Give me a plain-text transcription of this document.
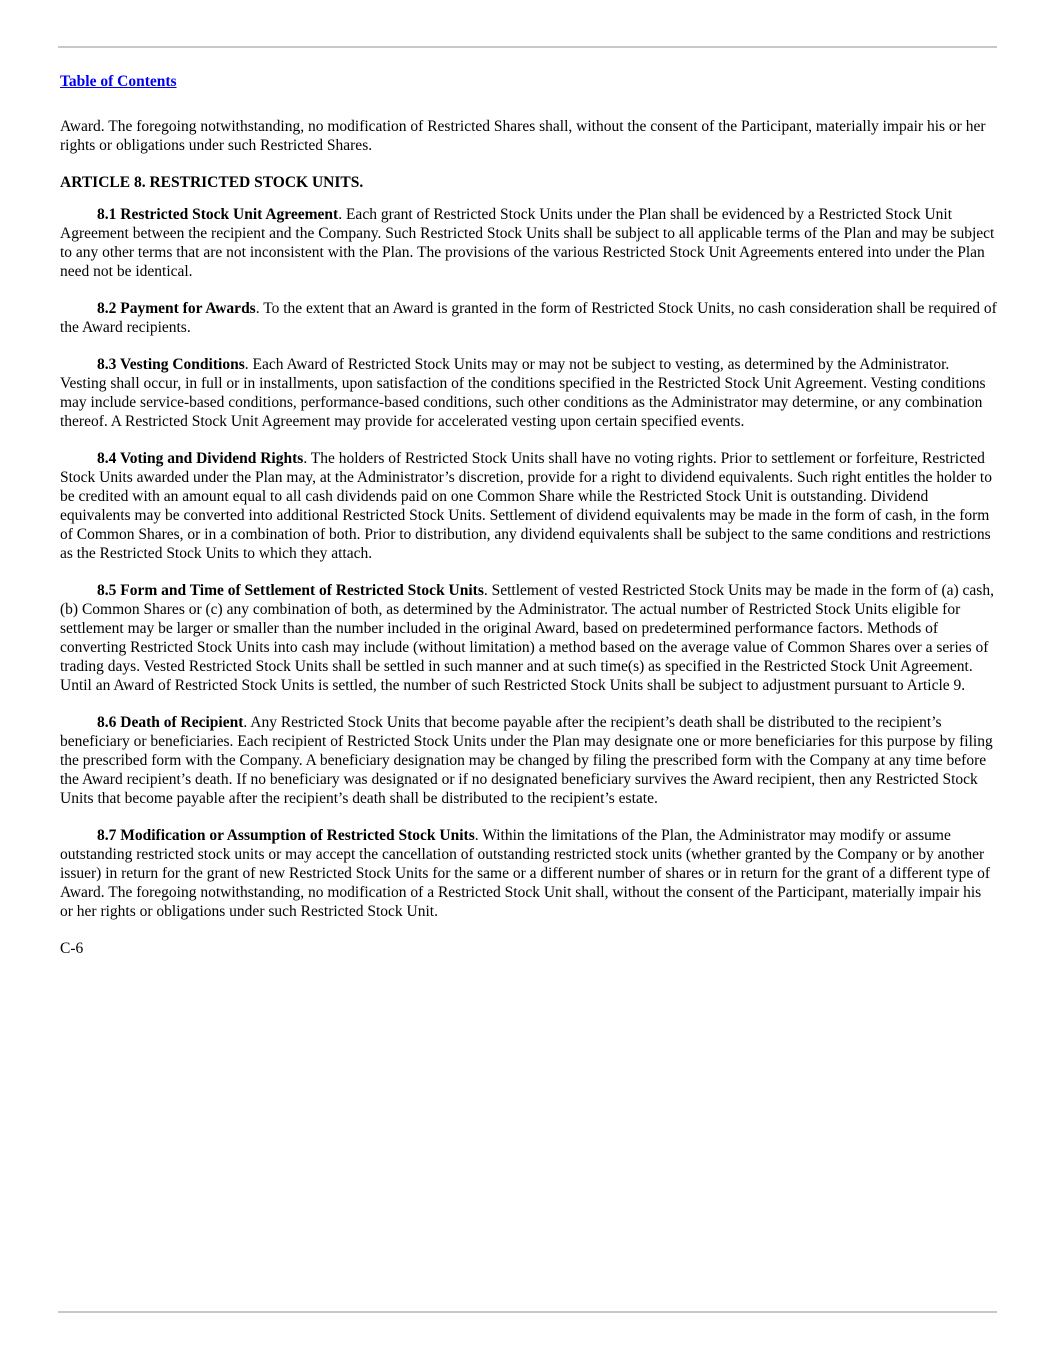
Table of Contents

Award. The foregoing notwithstanding, no modification of Restricted Shares shall, without the consent of the Participant, materially impair his or her rights or obligations under such Restricted Shares.

ARTICLE 8. RESTRICTED STOCK UNITS.

8.1 Restricted Stock Unit Agreement. Each grant of Restricted Stock Units under the Plan shall be evidenced by a Restricted Stock Unit Agreement between the recipient and the Company. Such Restricted Stock Units shall be subject to all applicable terms of the Plan and may be subject to any other terms that are not inconsistent with the Plan. The provisions of the various Restricted Stock Unit Agreements entered into under the Plan need not be identical.

8.2 Payment for Awards. To the extent that an Award is granted in the form of Restricted Stock Units, no cash consideration shall be required of the Award recipients.

8.3 Vesting Conditions. Each Award of Restricted Stock Units may or may not be subject to vesting, as determined by the Administrator. Vesting shall occur, in full or in installments, upon satisfaction of the conditions specified in the Restricted Stock Unit Agreement. Vesting conditions may include service-based conditions, performance-based conditions, such other conditions as the Administrator may determine, or any combination thereof. A Restricted Stock Unit Agreement may provide for accelerated vesting upon certain specified events.

8.4 Voting and Dividend Rights. The holders of Restricted Stock Units shall have no voting rights. Prior to settlement or forfeiture, Restricted Stock Units awarded under the Plan may, at the Administrator’s discretion, provide for a right to dividend equivalents. Such right entitles the holder to be credited with an amount equal to all cash dividends paid on one Common Share while the Restricted Stock Unit is outstanding. Dividend equivalents may be converted into additional Restricted Stock Units. Settlement of dividend equivalents may be made in the form of cash, in the form of Common Shares, or in a combination of both. Prior to distribution, any dividend equivalents shall be subject to the same conditions and restrictions as the Restricted Stock Units to which they attach.

8.5 Form and Time of Settlement of Restricted Stock Units. Settlement of vested Restricted Stock Units may be made in the form of (a) cash, (b) Common Shares or (c) any combination of both, as determined by the Administrator. The actual number of Restricted Stock Units eligible for settlement may be larger or smaller than the number included in the original Award, based on predetermined performance factors. Methods of converting Restricted Stock Units into cash may include (without limitation) a method based on the average value of Common Shares over a series of trading days. Vested Restricted Stock Units shall be settled in such manner and at such time(s) as specified in the Restricted Stock Unit Agreement. Until an Award of Restricted Stock Units is settled, the number of such Restricted Stock Units shall be subject to adjustment pursuant to Article 9.

8.6 Death of Recipient. Any Restricted Stock Units that become payable after the recipient’s death shall be distributed to the recipient’s beneficiary or beneficiaries. Each recipient of Restricted Stock Units under the Plan may designate one or more beneficiaries for this purpose by filing the prescribed form with the Company. A beneficiary designation may be changed by filing the prescribed form with the Company at any time before the Award recipient’s death. If no beneficiary was designated or if no designated beneficiary survives the Award recipient, then any Restricted Stock Units that become payable after the recipient’s death shall be distributed to the recipient’s estate.

8.7 Modification or Assumption of Restricted Stock Units. Within the limitations of the Plan, the Administrator may modify or assume outstanding restricted stock units or may accept the cancellation of outstanding restricted stock units (whether granted by the Company or by another issuer) in return for the grant of new Restricted Stock Units for the same or a different number of shares or in return for the grant of a different type of Award. The foregoing notwithstanding, no modification of a Restricted Stock Unit shall, without the consent of the Participant, materially impair his or her rights or obligations under such Restricted Stock Unit.

C-6
